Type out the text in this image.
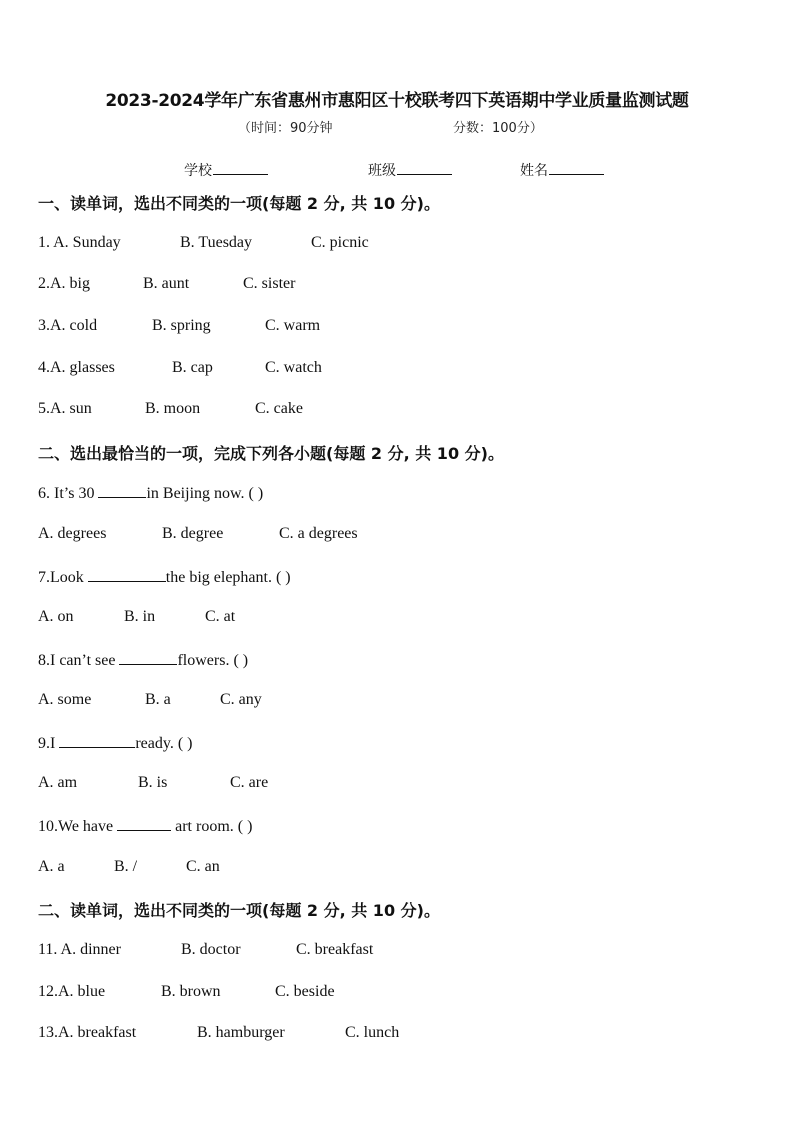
2023-2024学年广东省惠州市惠阳区十校联考四下英语期中学业质量监测试题
（时间：90分钟	分数：100分）
学校	班级	姓名
一、读单词，选出不同类的一项(每题 2 分, 共 10 分)。
1. A. Sunday	B. Tuesday	C. picnic
2.A. big	B. aunt	C. sister
3.A. cold	B. spring	C. warm
4.A. glasses	B. cap	C. watch
5.A. sun	B. moon	C. cake
二、选出最恰当的一项，完成下列各小题(每题 2 分, 共 10 分)。
6. It’s 30	in Beijing now. ( )
A. degrees	B. degree	C. a degrees
7.Look	the big elephant. ( )
A. on	B. in	C. at
8.I can’t see	flowers. ( )
A. some	B. a	C. any
9.I	ready. ( )
A. am	B. is	C. are
10.We have	art room. ( )
A. a	B. /	C. an
二、读单词，选出不同类的一项(每题 2 分, 共 10 分)。
11. A. dinner	B. doctor	C. breakfast
12.A. blue	B. brown	C. beside
13.A. breakfast	B. hamburger	C. lunch
